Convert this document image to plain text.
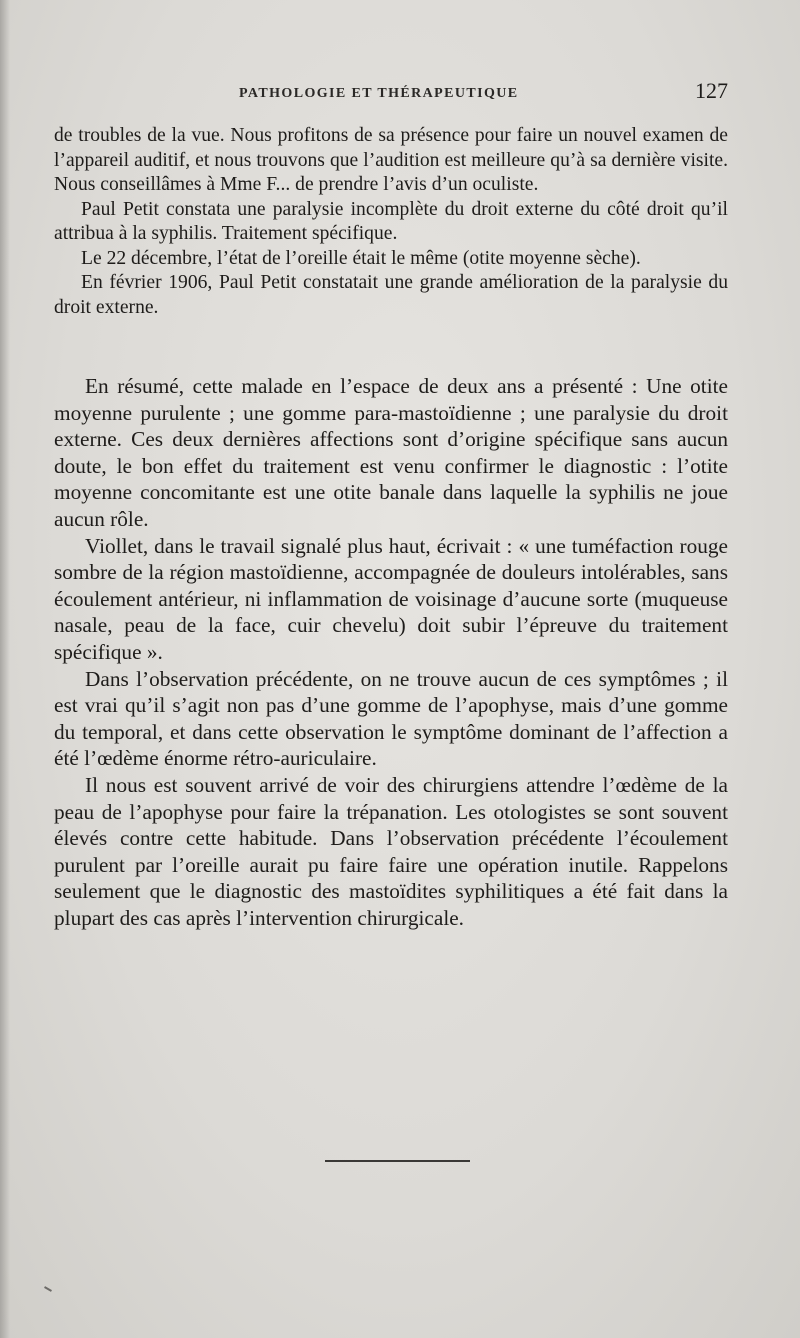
PATHOLOGIE ET THÉRAPEUTIQUE	127

de troubles de la vue. Nous profitons de sa présence pour faire un nouvel examen de l’appareil auditif, et nous trouvons que l’audition est meilleure qu’à sa dernière visite. Nous conseillâmes à Mme F... de prendre l’avis d’un oculiste.

Paul Petit constata une paralysie incomplète du droit externe du côté droit qu’il attribua à la syphilis. Traitement spécifique.

Le 22 décembre, l’état de l’oreille était le même (otite moyenne sèche).

En février 1906, Paul Petit constatait une grande amélioration de la paralysie du droit externe.

En résumé, cette malade en l’espace de deux ans a présenté : Une otite moyenne purulente ; une gomme para-mastoïdienne ; une paralysie du droit externe. Ces deux dernières affections sont d’origine spécifique sans aucun doute, le bon effet du traitement est venu confirmer le diagnostic : l’otite moyenne concomitante est une otite banale dans laquelle la syphilis ne joue aucun rôle.

Viollet, dans le travail signalé plus haut, écrivait : « une tuméfaction rouge sombre de la région mastoïdienne, accompagnée de douleurs intolérables, sans écoulement antérieur, ni inflammation de voisinage d’aucune sorte (muqueuse nasale, peau de la face, cuir chevelu) doit subir l’épreuve du traitement spécifique ».

Dans l’observation précédente, on ne trouve aucun de ces symptômes ; il est vrai qu’il s’agit non pas d’une gomme de l’apophyse, mais d’une gomme du temporal, et dans cette observation le symptôme dominant de l’affection a été l’œdème énorme rétro-auriculaire.

Il nous est souvent arrivé de voir des chirurgiens attendre l’œdème de la peau de l’apophyse pour faire la trépanation. Les otologistes se sont souvent élevés contre cette habitude. Dans l’observation précédente l’écoulement purulent par l’oreille aurait pu faire faire une opération inutile. Rappelons seulement que le diagnostic des mastoïdites syphilitiques a été fait dans la plupart des cas après l’intervention chirurgicale.
